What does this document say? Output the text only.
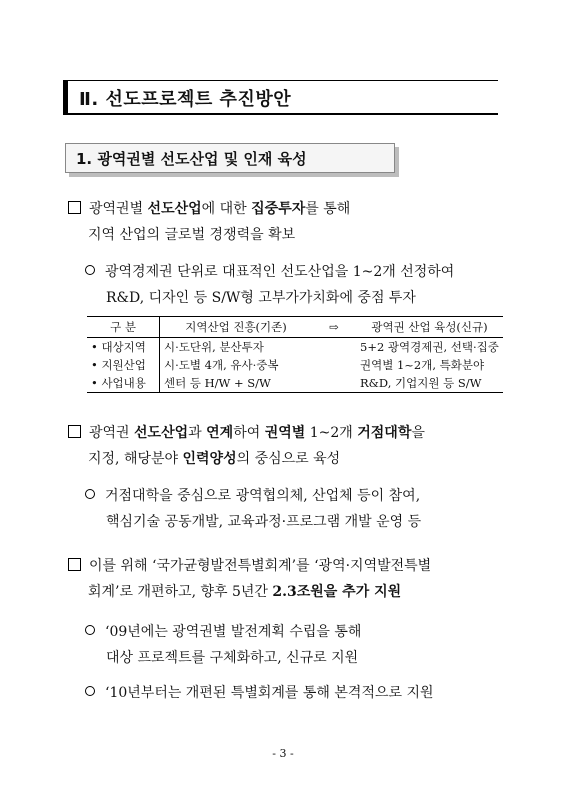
Ⅱ. 선도프로젝트 추진방안
1. 광역권별 선도산업 및 인재 육성
광역권별 선도산업에 대한 집중투자를 통해
지역 산업의 글로벌 경쟁력을 확보
광역경제권 단위로 대표적인 선도산업을 1~2개 선정하여
R&D, 디자인 등 S/W형 고부가가치화에 중점 투자
구 분	지역산업 진흥(기존)	⇨	광역권 산업 육성(신규)
• 대상지역	시·도단위, 분산투자		5+2 광역경제권, 선택·집중
• 지원산업	시·도별 4개, 유사·중복		권역별 1~2개, 특화분야
• 사업내용	센터 등 H/W + S/W		R&D, 기업지원 등 S/W
광역권 선도산업과 연계하여 권역별 1~2개 거점대학을
지정, 해당분야 인력양성의 중심으로 육성
거점대학을 중심으로 광역협의체, 산업체 등이 참여,
핵심기술 공동개발, 교육과정·프로그램 개발 운영 등
이를 위해 ‘국가균형발전특별회계’를 ‘광역·지역발전특별
회계’로 개편하고, 향후 5년간 2.3조원을 추가 지원
‘09년에는 광역권별 발전계획 수립을 통해
대상 프로젝트를 구체화하고, 신규로 지원
‘10년부터는 개편된 특별회계를 통해 본격적으로 지원
- 3 -
